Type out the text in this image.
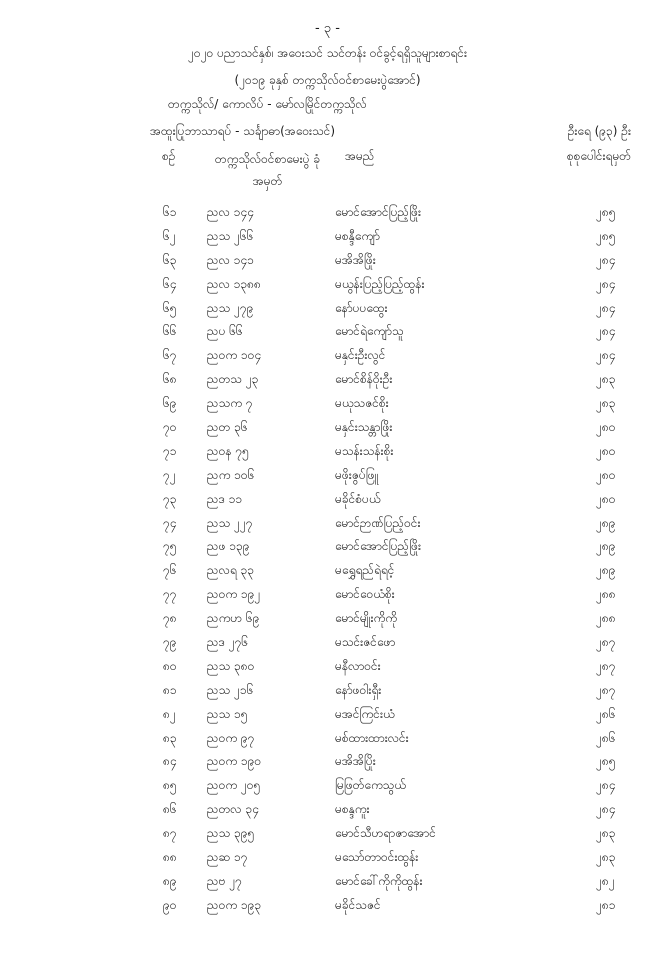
- ၃ -
၂၀၂၀ ပညာသင်နှစ်၊ အဝေးသင် သင်တန်း ဝင်ခွင့်ရရှိသူများစာရင်း
(၂၀၁၉ ခုနှစ် တက္ကသိုလ်ဝင်စာမေးပွဲအောင်)
တက္ကသိုလ်/ ကောလိပ် - မော်လမြိုင်တက္ကသိုလ်
အထူးပြုဘာသာရပ် - သင်္ချာဓာ(အဝေးသင်)	ဦးရေ (၉၃) ဦး
စဉ်	တက္ကသိုလ်ဝင်စာမေးပွဲ ခုံအမှတ်
အမည်	စုစုပေါင်းရမှတ်
၆၁	ညလ ၁၄၄	မောင်အောင်ပြည့်ဖြိုး	၂၈၅
၆၂	ညသ ၂၆၆	မစန္ဒီကျော်	၂၈၅
၆၃	ညလ ၁၄၁	မအိအိဖြိုး	၂၈၄
၆၄	ညလ ၁၃၈၈	မယွန်းပြည့်ပြည့်ထွန်း	၂၈၄
၆၅	ညသ ၂၇၉	နော်ပပထွေး	၂၈၄
၆၆	ညပ ၆၆	မောင်ရဲကျော်သူ	၂၈၄
၆၇	ညဝက ၁၀၄	မနှင်းဦးလွင်	၂၈၄
၆၈	ညတသ ၂၃	မောင်စိန်ဝိုးဦး	၂၈၃
၆၉	ညသက ၇	မယုသဇင်စိုး	၂၈၃
၇၀	ညတ ၃၆	မနှင်းသန္တာဖြိုး	၂၈၀
၇၁	ညဝန ၇၅	မသန်းသန်းစိုး	၂၈၀
၇၂	ညက ၁၀၆	မဖိုးဇွပ်ဖြူ	၂၈၀
၇၃	ညဒ ၁၁	မခိုင်စံပယ်	၂၈၀
၇၄	ညသ ၂၂၇	မောင်ဉာဏ်ပြည့်ဝင်း	၂၈၉
၇၅	ညဖ ၁၃၉	မောင်အောင်ပြည့်ဖြိုး	၂၈၉
၇၆	ညလရ ၃၃	မရွှေရည်ရဲရင့်	၂၈၉
၇၇	ညဝက ၁၉၂	မောင်ဝေယံစိုး	၂၈၈
၇၈	ညကဟ ၆၉	မောင်မျိုးကိုကို	၂၈၈
၇၉	ညဒ ၂၇၆	မသင်းဇင်ဖော	၂၈၇
၈၀	ညသ ၃၈၀	မနီလာဝင်း	၂၈၇
၈၁	ညသ ၂၁၆	နော်ဖဝါးရှီး	၂၈၇
၈၂	ညသ ၁၅	မအင်ကြင်းယံ	၂၈၆
၈၃	ညဝက ၉၇	မစ်ထားထားလင်း	၂၈၆
၈၄	ညဝက ၁၉၀	မအိအိပြိုး	၂၈၅
၈၅	ညဝက ၂၀၅	မြဖြတ်ကေသွယ်	၂၈၄
၈၆	ညတလ ၃၄	မစန္ဒကူး	၂၈၄
၈၇	ညသ ၃၉၅	မောင်သီဟရာဇာအောင်	၂၈၃
၈၈	ညဆ ၁၇	မသော်တာဝင်းထွန်း	၂၈၃
၈၉	ညဗ ၂၇	မောင်ခေါ်ကိုကိုထွန်း	၂၈၂
၉၀	ညဝက ၁၉၃	မခိုင်သဇင်	၂၈၁
